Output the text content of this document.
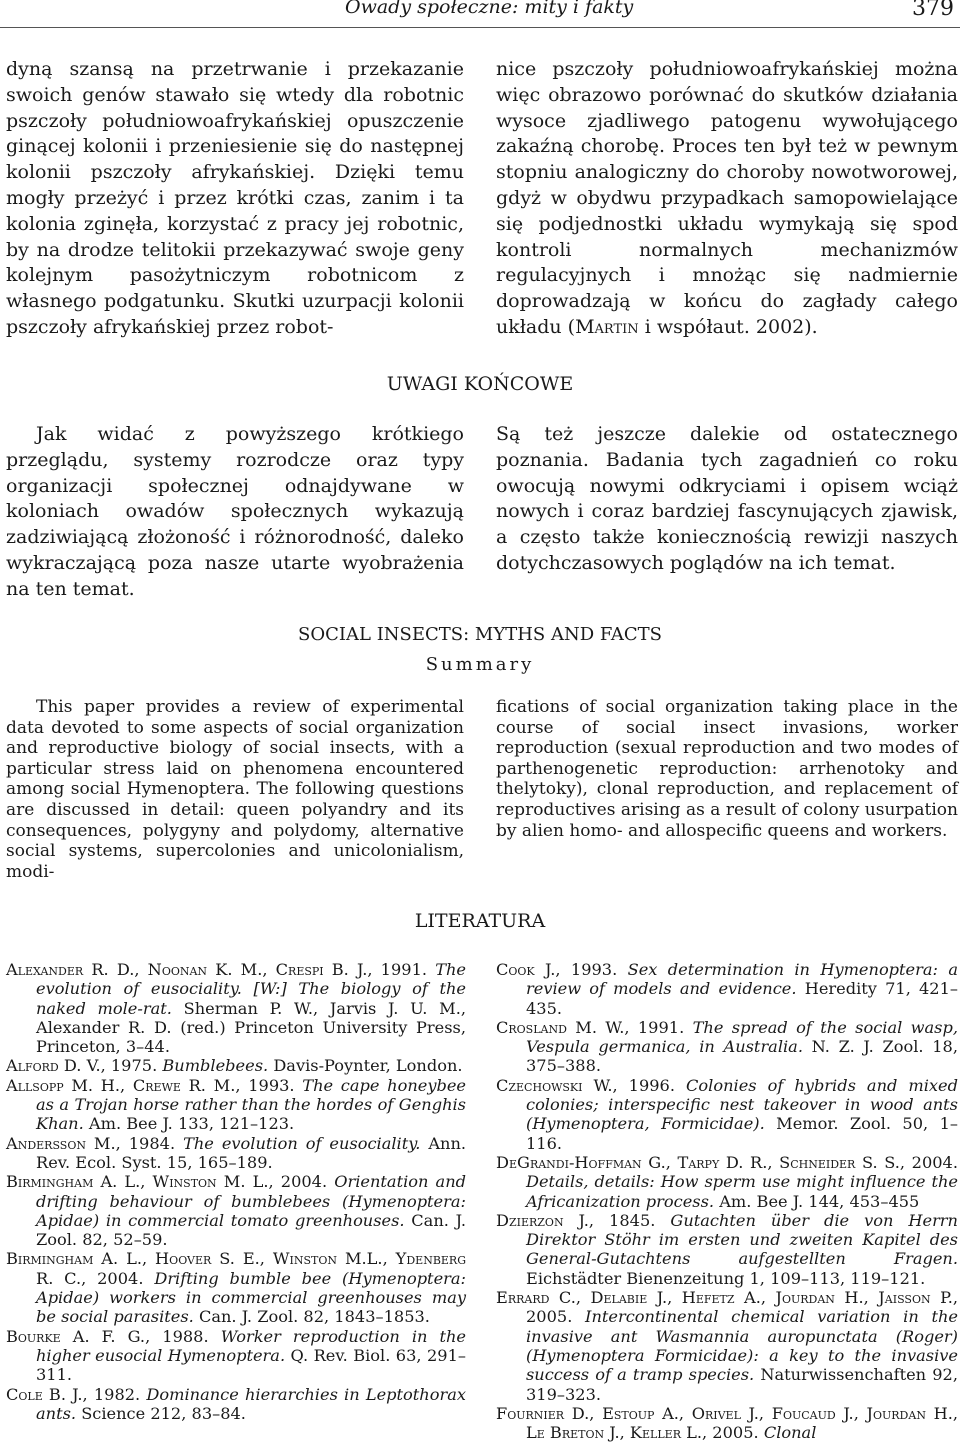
Owady społeczne: mity i fakty	379

dyną szansą na przetrwanie i przekazanie swoich genów stawało się wtedy dla robotnic pszczoły południowoafrykańskiej opuszczenie ginącej kolonii i przeniesienie się do następnej kolonii pszczoły afrykańskiej. Dzięki temu mogły przeżyć i przez krótki czas, zanim i ta kolonia zginęła, korzystać z pracy jej robotnic, by na drodze telitokii przekazywać swoje geny kolejnym pasożytniczym robotnicom z własnego podgatunku. Skutki uzurpacji kolonii pszczoły afrykańskiej przez robot-

nice pszczoły południowoafrykańskiej można więc obrazowo porównać do skutków działania wysoce zjadliwego patogenu wywołującego zakaźną chorobę. Proces ten był też w pewnym stopniu analogiczny do choroby nowotworowej, gdyż w obydwu przypadkach samopowielające się podjednostki układu wymykają się spod kontroli normalnych mechanizmów regulacyjnych i mnożąc się nadmiernie doprowadzają w końcu do zagłady całego układu (Martin i współaut. 2002).

UWAGI KOŃCOWE

Jak widać z powyższego krótkiego przeglądu, systemy rozrodcze oraz typy organizacji społecznej odnajdywane w koloniach owadów społecznych wykazują zadziwiającą złożoność i różnorodność, daleko wykraczającą poza nasze utarte wyobrażenia na ten temat.

Są też jeszcze dalekie od ostatecznego poznania. Badania tych zagadnień co roku owocują nowymi odkryciami i opisem wciąż nowych i coraz bardziej fascynujących zjawisk, a często także koniecznością rewizji naszych dotychczasowych poglądów na ich temat.

SOCIAL INSECTS: MYTHS AND FACTS
Summary

This paper provides a review of experimental data devoted to some aspects of social organization and reproductive biology of social insects, with a particular stress laid on phenomena encountered among social Hymenoptera. The following questions are discussed in detail: queen polyandry and its consequences, polygyny and polydomy, alternative social systems, supercolonies and unicolonialism, modi-

fications of social organization taking place in the course of social insect invasions, worker reproduction (sexual reproduction and two modes of parthenogenetic reproduction: arrhenotoky and thelytoky), clonal reproduction, and replacement of reproductives arising as a result of colony usurpation by alien homo- and allospecific queens and workers.

LITERATURA

Alexander R. D., Noonan K. M., Crespi B. J., 1991. The evolution of eusociality. [W:] The biology of the naked mole-rat. Sherman P. W., Jarvis J. U. M., Alexander R. D. (red.) Princeton University Press, Princeton, 3–44.

Alford D. V., 1975. Bumblebees. Davis-Poynter, London.

Allsopp M. H., Crewe R. M., 1993. The cape honeybee as a Trojan horse rather than the hordes of Genghis Khan. Am. Bee J. 133, 121–123.

Andersson M., 1984. The evolution of eusociality. Ann. Rev. Ecol. Syst. 15, 165–189.

Birmingham A. L., Winston M. L., 2004. Orientation and drifting behaviour of bumblebees (Hymenoptera: Apidae) in commercial tomato greenhouses. Can. J. Zool. 82, 52–59.

Birmingham A. L., Hoover S. E., Winston M.L., Ydenberg R. C., 2004. Drifting bumble bee (Hymenoptera: Apidae) workers in commercial greenhouses may be social parasites. Can. J. Zool. 82, 1843–1853.

Bourke A. F. G., 1988. Worker reproduction in the higher eusocial Hymenoptera. Q. Rev. Biol. 63, 291–311.

Cole B. J., 1982. Dominance hierarchies in Leptothorax ants. Science 212, 83–84.

Cook J., 1993. Sex determination in Hymenoptera: a review of models and evidence. Heredity 71, 421–435.

Crosland M. W., 1991. The spread of the social wasp, Vespula germanica, in Australia. N. Z. J. Zool. 18, 375–388.

Czechowski W., 1996. Colonies of hybrids and mixed colonies; interspecific nest takeover in wood ants (Hymenoptera, Formicidae). Memor. Zool. 50, 1–116.

DeGrandi-Hoffman G., Tarpy D. R., Schneider S. S., 2004. Details, details: How sperm use might influence the Africanization process. Am. Bee J. 144, 453–455

Dzierzon J., 1845. Gutachten über die von Herrn Direktor Stöhr im ersten und zweiten Kapitel des General-Gutachtens aufgestellten Fragen. Eichstädter Bienenzeitung 1, 109–113, 119–121.

Errard C., Delabie J., Hefetz A., Jourdan H., Jaisson P., 2005. Intercontinental chemical variation in the invasive ant Wasmannia auropunctata (Roger) (Hymenoptera Formicidae): a key to the invasive success of a tramp species. Naturwissenchaften 92, 319–323.

Fournier D., Estoup A., Orivel J., Foucaud J., Jourdan H., Le Breton J., Keller L., 2005. Clonal
